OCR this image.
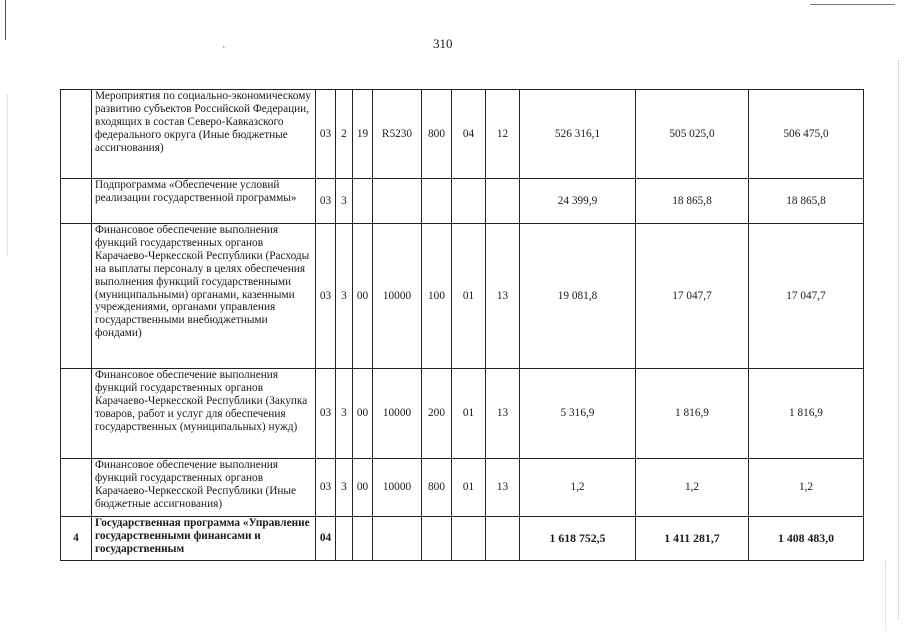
ˋ
310
	Мероприятия по социально-экономическому развитию субъектов Российской Федерации, входящих в состав Северо-Кавказского федерального округа (Иные бюджетные ассигнования)	03	2	19	R5230	800	04	12	526 316,1	505 025,0	506 475,0
	Подпрограмма «Обеспечение условий реализации государственной программы»	03	3						24 399,9	18 865,8	18 865,8
	Финансовое обеспечение выполнения функций государственных органов Карачаево-Черкесской Республики (Расходы на выплаты персоналу в целях обеспечения выполнения функций государственными (муниципальными) органами, казенными учреждениями, органами управления государственными внебюджетными фондами)	03	3	00	10000	100	01	13	19 081,8	17 047,7	17 047,7
	Финансовое обеспечение выполнения функций государственных органов Карачаево-Черкесской Республики (Закупка товаров, работ и услуг для обеспечения государственных (муниципальных) нужд)	03	3	00	10000	200	01	13	5 316,9	1 816,9	1 816,9
	Финансовое обеспечение выполнения функций государственных органов Карачаево-Черкесской Республики (Иные бюджетные ассигнования)	03	3	00	10000	800	01	13	1,2	1,2	1,2
4	Государственная программа «Управление государственными финансами и государственным	04							1 618 752,5	1 411 281,7	1 408 483,0
